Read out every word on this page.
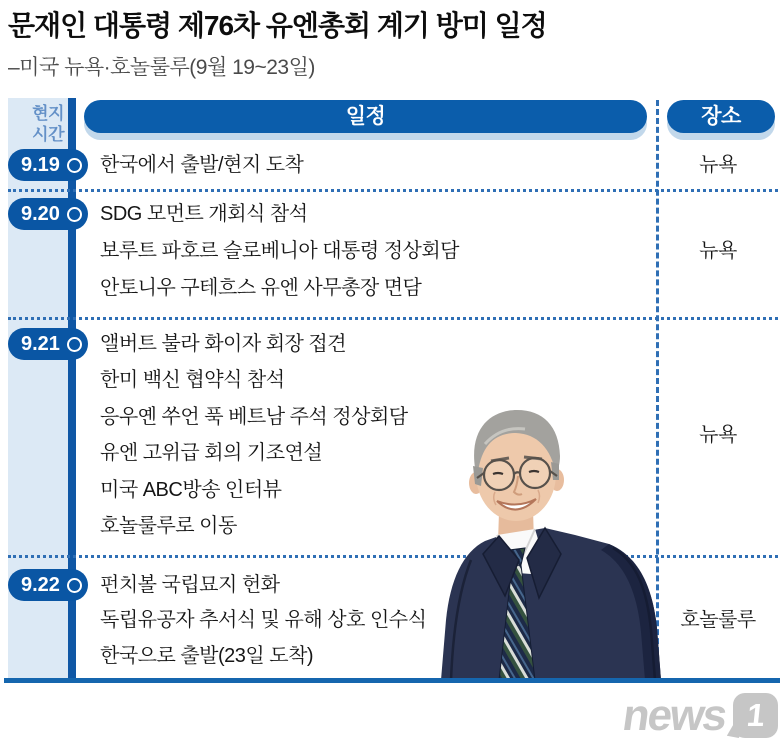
문재인 대통령 제76차 유엔총회 계기 방미 일정
–미국 뉴욕·호놀룰루(9월 19~23일)
현지
시간
일정	장소
9.19
9.20
9.21
9.22
한국에서 출발/현지 도착
SDG 모먼트 개회식 참석
보루트 파호르 슬로베니아 대통령 정상회담
안토니우 구테흐스 유엔 사무총장 면담
앨버트 불라 화이자 회장 접견
한미 백신 협약식 참석
응우옌 쑤언 푹 베트남 주석 정상회담
유엔 고위급 회의 기조연설
미국 ABC방송 인터뷰
호놀룰루로 이동
펀치볼 국립묘지 헌화
독립유공자 추서식 및 유해 상호 인수식
한국으로 출발(23일 도착)
뉴욕
뉴욕
뉴욕
호놀룰루
news 1
